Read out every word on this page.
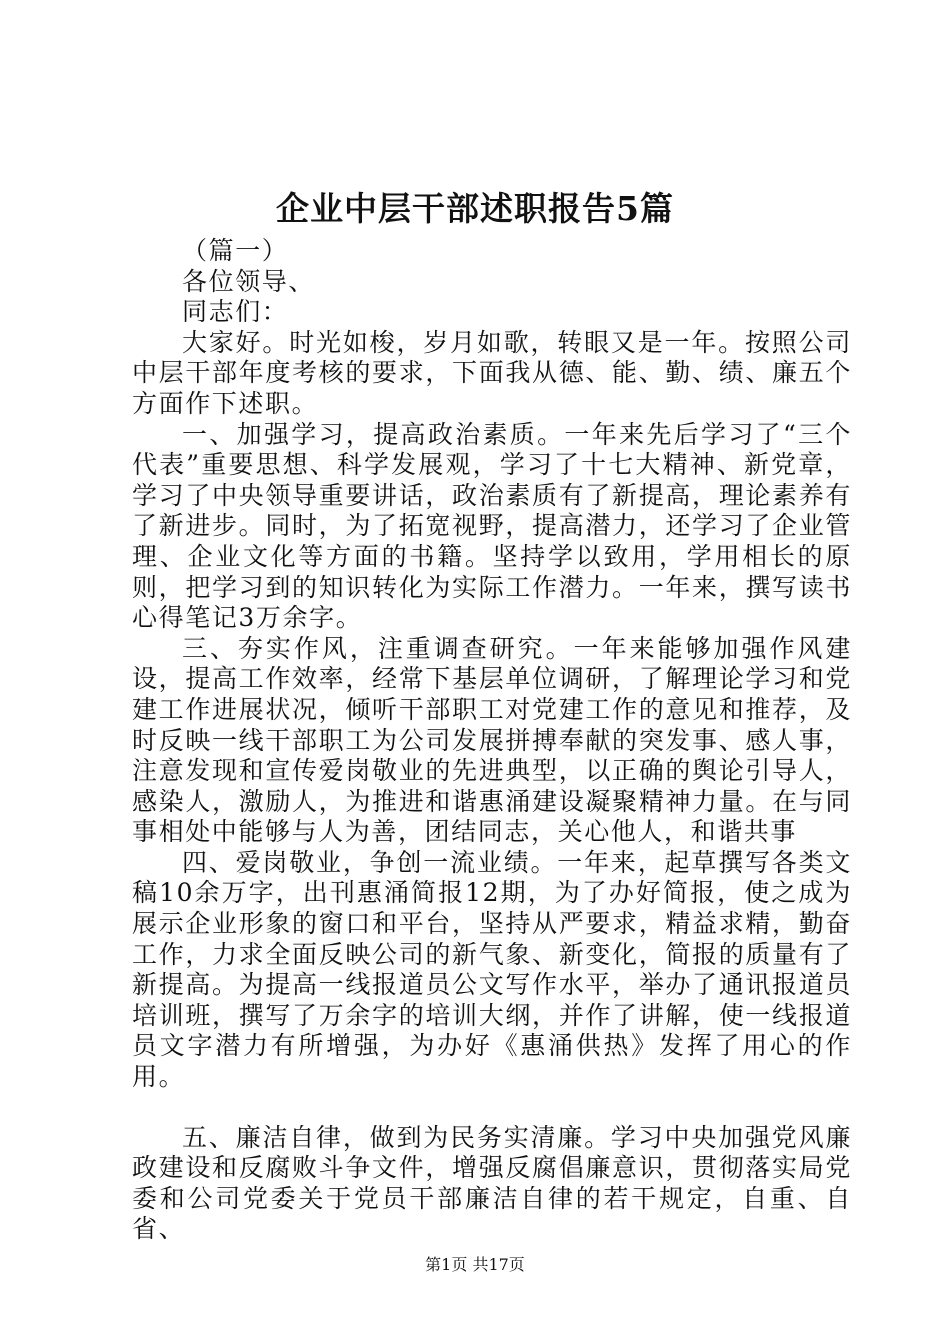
企业中层干部述职报告5篇

（篇一）

各位领导、

同志们：

大家好。时光如梭，岁月如歌，转眼又是一年。按照公司中层干部年度考核的要求，下面我从德、能、勤、绩、廉五个方面作下述职。

一、加强学习，提高政治素质。一年来先后学习了“三个代表”重要思想、科学发展观，学习了十七大精神、新党章，学习了中央领导重要讲话，政治素质有了新提高，理论素养有了新进步。同时，为了拓宽视野，提高潜力，还学习了企业管理、企业文化等方面的书籍。坚持学以致用，学用相长的原则，把学习到的知识转化为实际工作潜力。一年来，撰写读书心得笔记3万余字。

三、夯实作风，注重调查研究。一年来能够加强作风建设，提高工作效率，经常下基层单位调研，了解理论学习和党建工作进展状况，倾听干部职工对党建工作的意见和推荐，及时反映一线干部职工为公司发展拼搏奉献的突发事、感人事，注意发现和宣传爱岗敬业的先进典型，以正确的舆论引导人，感染人，激励人，为推进和谐惠涌建设凝聚精神力量。在与同事相处中能够与人为善，团结同志，关心他人，和谐共事

四、爱岗敬业，争创一流业绩。一年来，起草撰写各类文稿10余万字，出刊惠涌简报12期，为了办好简报，使之成为展示企业形象的窗口和平台，坚持从严要求，精益求精，勤奋工作，力求全面反映公司的新气象、新变化，简报的质量有了新提高。为提高一线报道员公文写作水平，举办了通讯报道员培训班，撰写了万余字的培训大纲，并作了讲解，使一线报道员文字潜力有所增强，为办好《惠涌供热》发挥了用心的作用。

五、廉洁自律，做到为民务实清廉。学习中央加强党风廉政建设和反腐败斗争文件，增强反腐倡廉意识，贯彻落实局党委和公司党委关于党员干部廉洁自律的若干规定，自重、自省、

第1页 共17页
